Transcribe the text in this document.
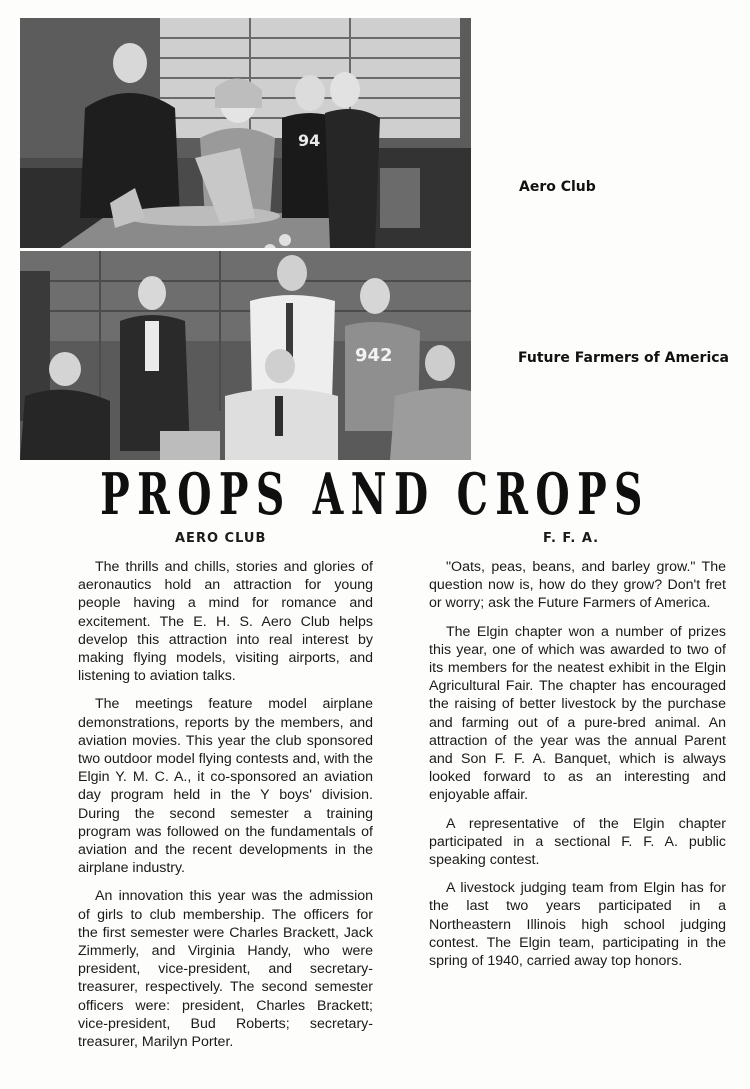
94
Aero Club
942	Future Farmers of America
PROPS AND CROPS
AERO CLUB	F. F. A.

The thrills and chills, stories and glories of aeronautics hold an attraction for young people having a mind for romance and excitement. The E. H. S. Aero Club helps develop this attraction into real interest by making flying models, visiting airports, and listening to aviation talks.

The meetings feature model airplane demonstrations, reports by the members, and aviation movies. This year the club sponsored two outdoor model flying contests and, with the Elgin Y. M. C. A., it co-sponsored an aviation day program held in the Y boys' division. During the second semester a training program was followed on the fundamentals of aviation and the recent developments in the airplane industry.

An innovation this year was the admission of girls to club membership. The officers for the first semester were Charles Brackett, Jack Zimmerly, and Virginia Handy, who were president, vice-president, and secretary-treasurer, respectively. The second semester officers were: president, Charles Brackett; vice-president, Bud Roberts; secretary-treasurer, Marilyn Porter.

"Oats, peas, beans, and barley grow." The question now is, how do they grow? Don't fret or worry; ask the Future Farmers of America.

The Elgin chapter won a number of prizes this year, one of which was awarded to two of its members for the neatest exhibit in the Elgin Agricultural Fair. The chapter has encouraged the raising of better livestock by the purchase and farming out of a pure-bred animal. An attraction of the year was the annual Parent and Son F. F. A. Banquet, which is always looked forward to as an interesting and enjoyable affair.

A representative of the Elgin chapter participated in a sectional F. F. A. public speaking contest.

A livestock judging team from Elgin has for the last two years participated in a Northeastern Illinois high school judging contest. The Elgin team, participating in the spring of 1940, carried away top honors.
